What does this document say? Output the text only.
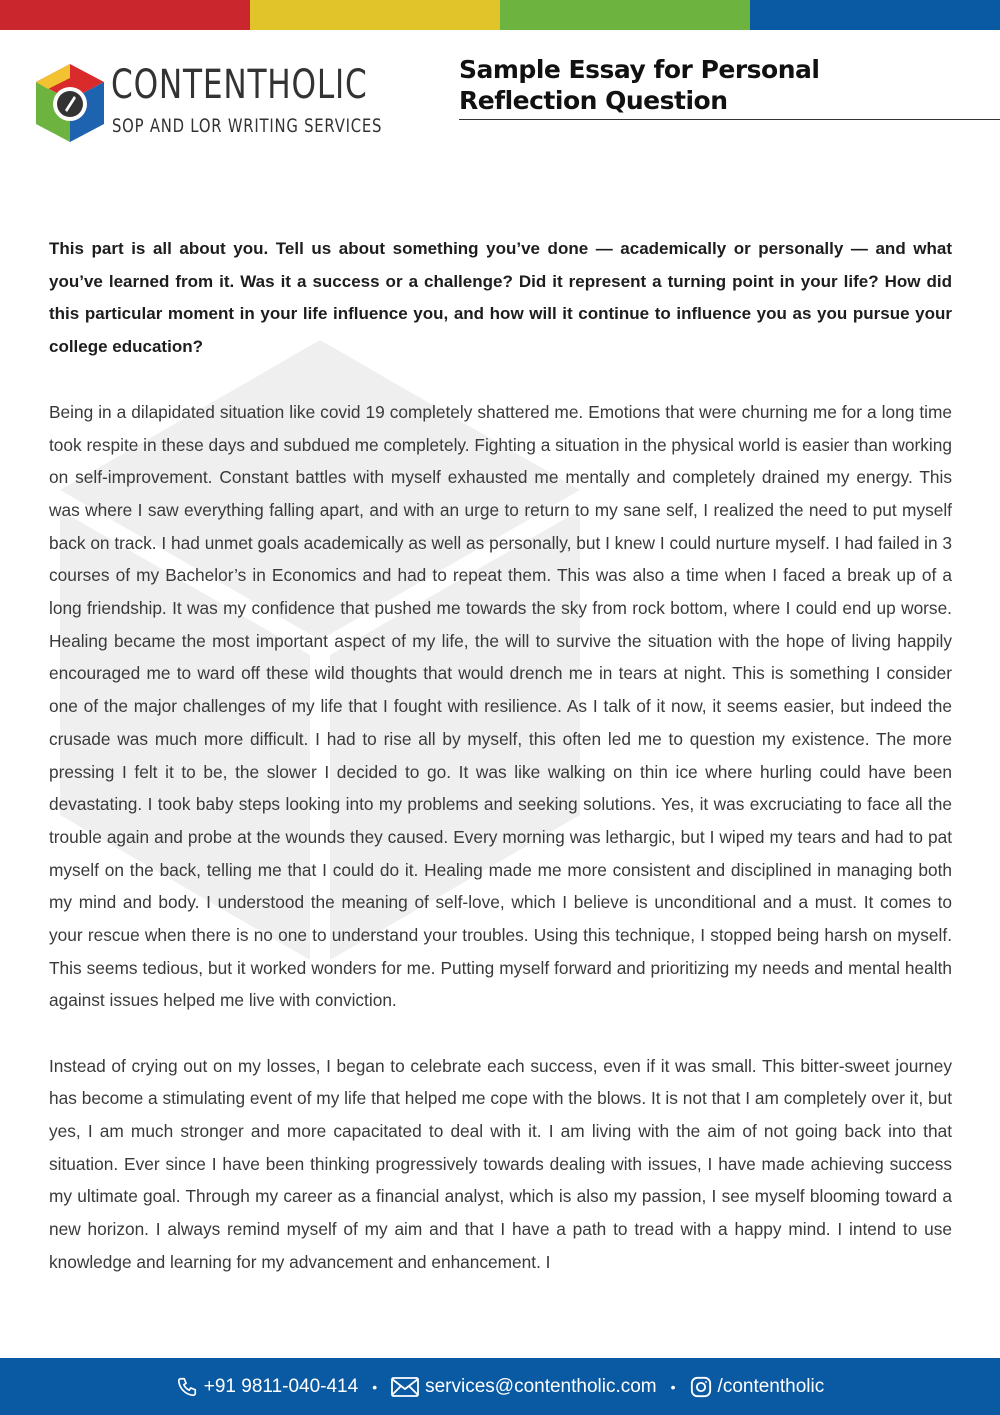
CONTENTHOLIC
SOP AND LOR WRITING SERVICES
Sample Essay for Personal Reflection Question

This part is all about you. Tell us about something you’ve done — academically or personally — and what you’ve learned from it. Was it a success or a challenge? Did it represent a turning point in your life? How did this particular moment in your life influence you, and how will it continue to influence you as you pursue your college education?

Being in a dilapidated situation like covid 19 completely shattered me. Emotions that were churning me for a long time took respite in these days and subdued me completely. Fighting a situation in the physical world is easier than working on self-improvement. Constant battles with myself exhausted me mentally and completely drained my energy. This was where I saw everything falling apart, and with an urge to return to my sane self, I realized the need to put myself back on track. I had unmet goals academically as well as personally, but I knew I could nurture myself. I had failed in 3 courses of my Bachelor’s in Economics and had to repeat them. This was also a time when I faced a break up of a long friendship. It was my confidence that pushed me towards the sky from rock bottom, where I could end up worse. Healing became the most important aspect of my life, the will to survive the situation with the hope of living happily encouraged me to ward off these wild thoughts that would drench me in tears at night. This is something I consider one of the major challenges of my life that I fought with resilience. As I talk of it now, it seems easier, but indeed the crusade was much more difficult. I had to rise all by myself, this often led me to question my existence. The more pressing I felt it to be, the slower I decided to go. It was like walking on thin ice where hurling could have been devastating. I took baby steps looking into my problems and seeking solutions. Yes, it was excruciating to face all the trouble again and probe at the wounds they caused. Every morning was lethargic, but I wiped my tears and had to pat myself on the back, telling me that I could do it. Healing made me more consistent and disciplined in managing both my mind and body. I understood the meaning of self-love, which I believe is unconditional and a must. It comes to your rescue when there is no one to understand your troubles. Using this technique, I stopped being harsh on myself. This seems tedious, but it worked wonders for me. Putting myself forward and prioritizing my needs and mental health against issues helped me live with conviction.

Instead of crying out on my losses, I began to celebrate each success, even if it was small. This bitter-sweet journey has become a stimulating event of my life that helped me cope with the blows. It is not that I am completely over it, but yes, I am much stronger and more capacitated to deal with it. I am living with the aim of not going back into that situation. Ever since I have been thinking progressively towards dealing with issues, I have made achieving success my ultimate goal. Through my career as a financial analyst, which is also my passion, I see myself blooming toward a new horizon. I always remind myself of my aim and that I have a path to tread with a happy mind. I intend to use knowledge and learning for my advancement and enhancement. I

+91 9811-040-414 •	services@contentholic.com • /contentholic
